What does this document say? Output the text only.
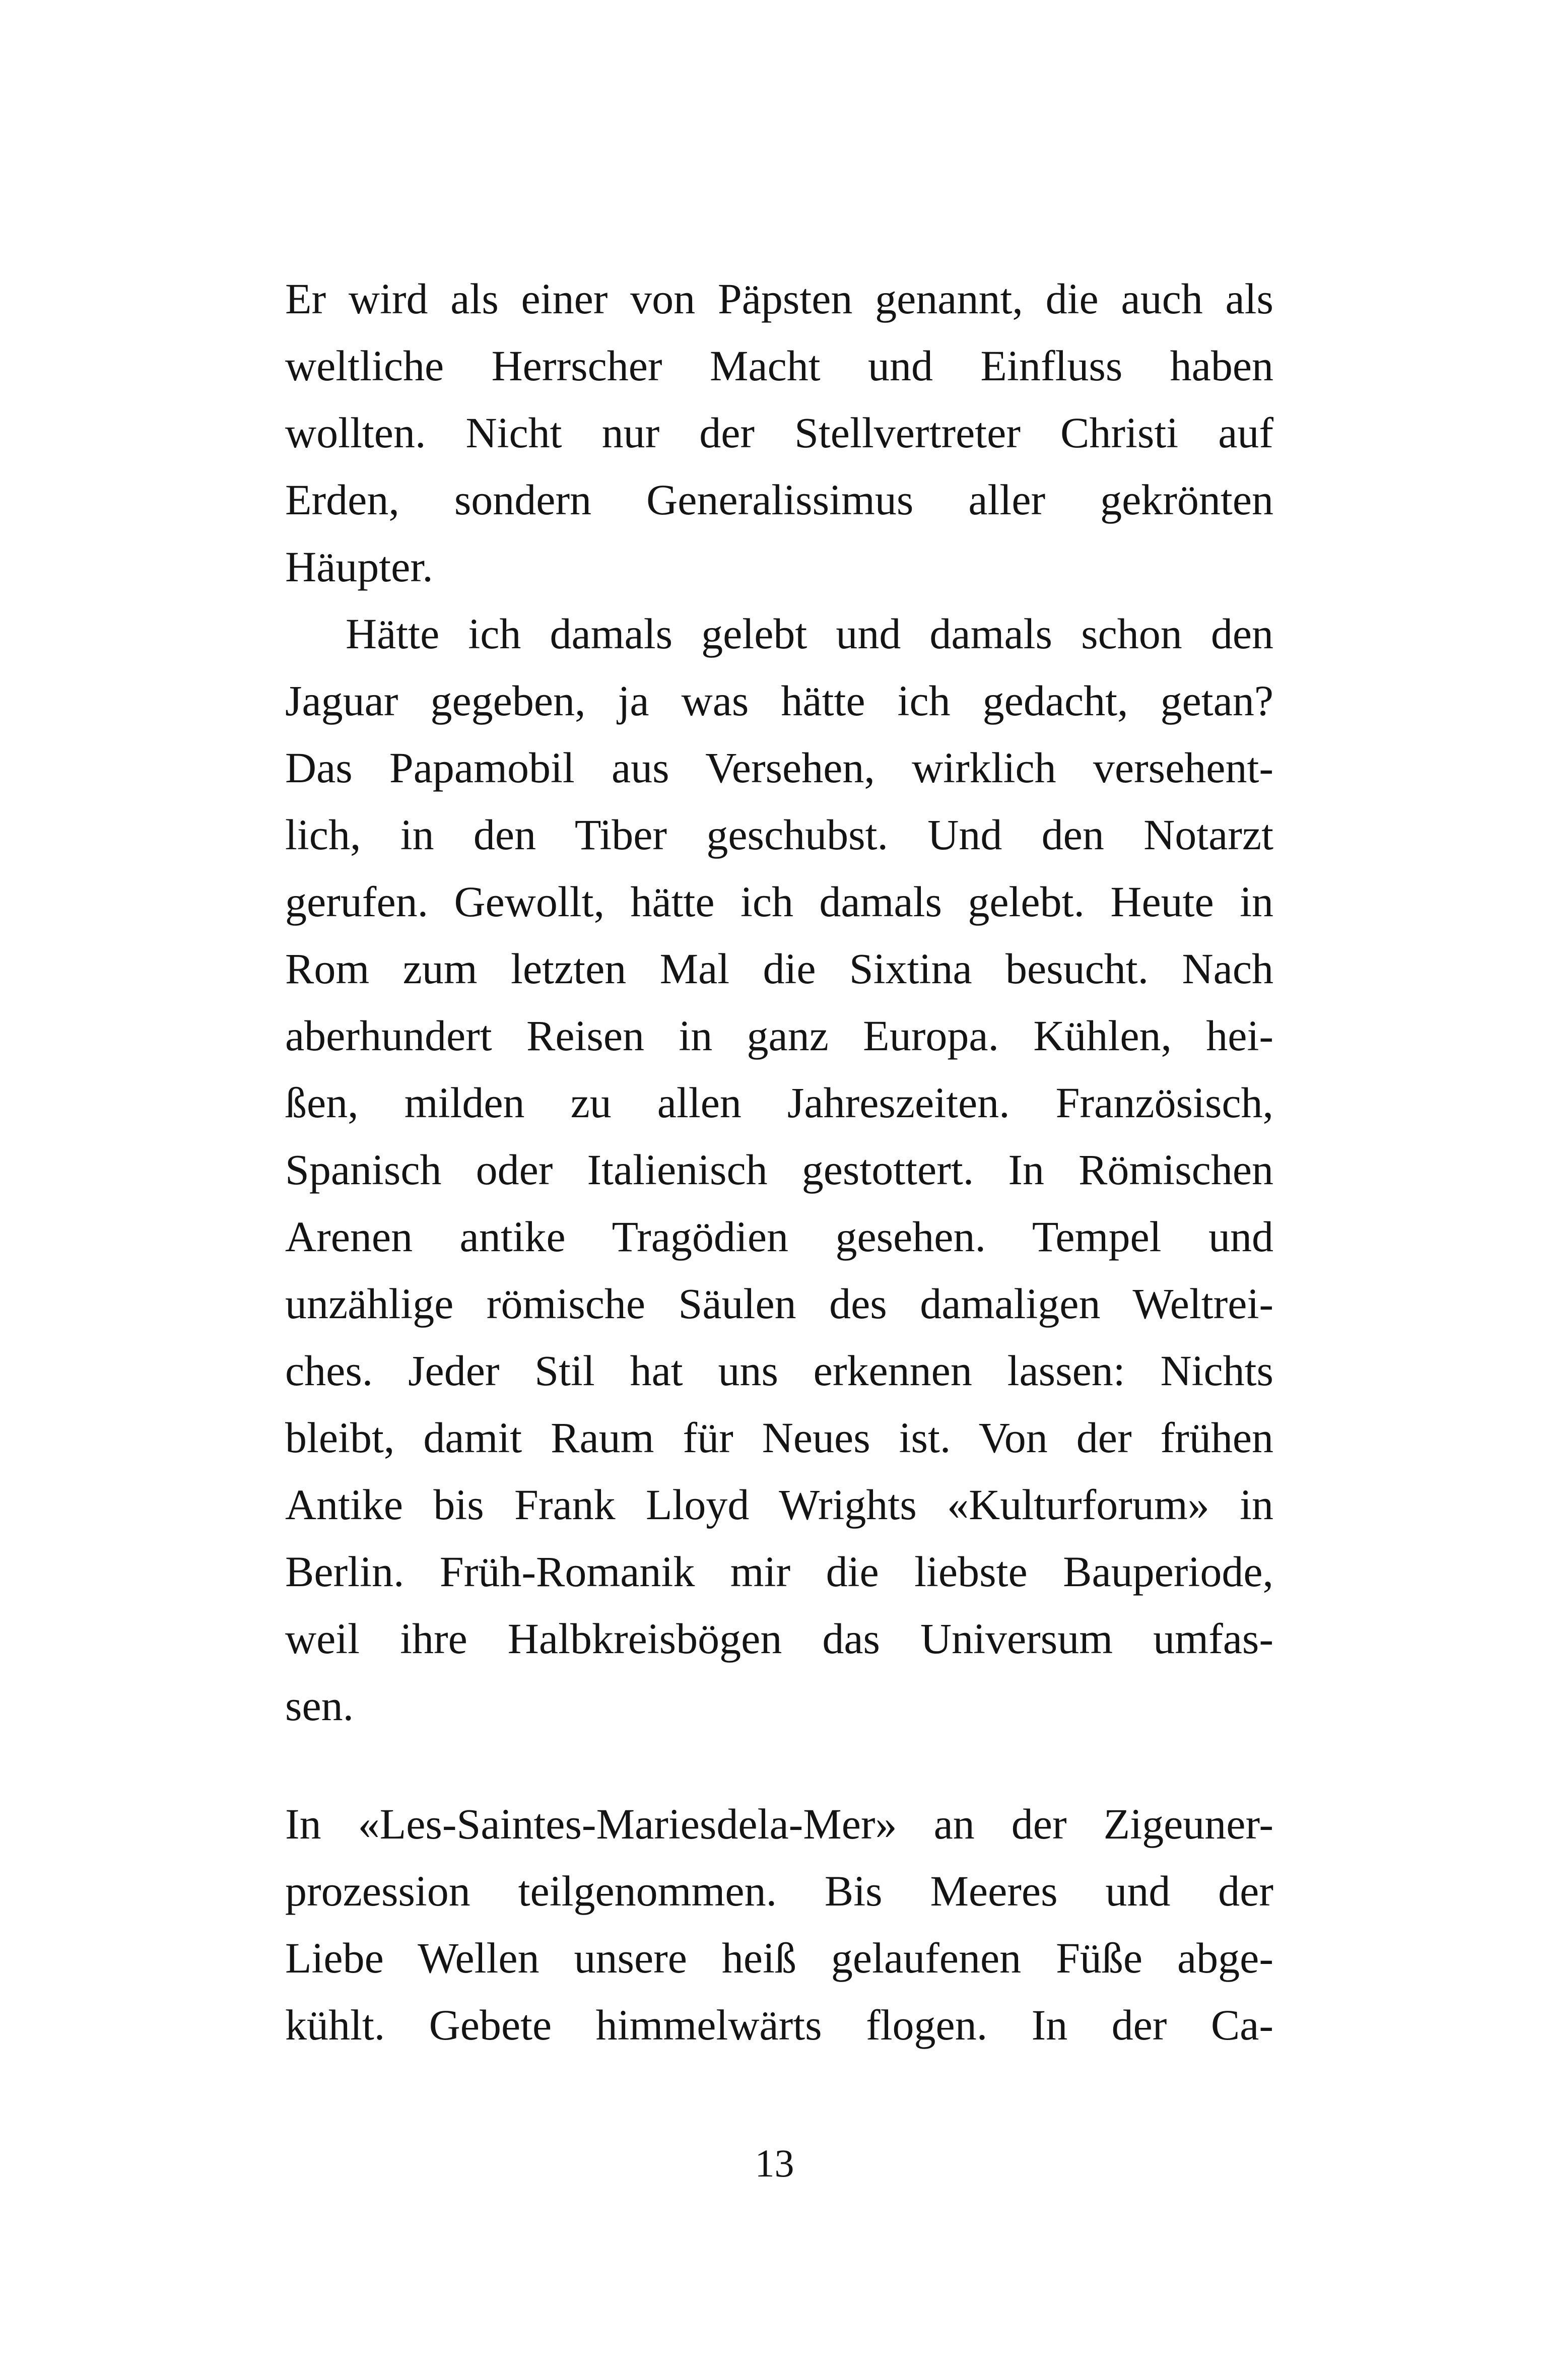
Er wird als einer von Päpsten genannt, die auch als
weltliche Herrscher Macht und Einfluss haben
wollten. Nicht nur der Stellvertreter Christi auf
Erden, sondern Generalissimus aller gekrönten
Häupter.
Hätte ich damals gelebt und damals schon den
Jaguar gegeben, ja was hätte ich gedacht, getan?
Das Papamobil aus Versehen, wirklich versehent-
lich, in den Tiber geschubst. Und den Notarzt
gerufen. Gewollt, hätte ich damals gelebt. Heute in
Rom zum letzten Mal die Sixtina besucht. Nach
aberhundert Reisen in ganz Europa. Kühlen, hei-
ßen, milden zu allen Jahreszeiten. Französisch,
Spanisch oder Italienisch gestottert. In Römischen
Arenen antike Tragödien gesehen. Tempel und
unzählige römische Säulen des damaligen Weltrei-
ches. Jeder Stil hat uns erkennen lassen: Nichts
bleibt, damit Raum für Neues ist. Von der frühen
Antike bis Frank Lloyd Wrights «Kulturforum» in
Berlin. Früh-Romanik mir die liebste Bauperiode,
weil ihre Halbkreisbögen das Universum umfas-
sen.
In «Les-Saintes-Mariesdela-Mer» an der Zigeuner-
prozession teilgenommen. Bis Meeres und der
Liebe Wellen unsere heiß gelaufenen Füße abge-
kühlt. Gebete himmelwärts flogen. In der Ca-
13
